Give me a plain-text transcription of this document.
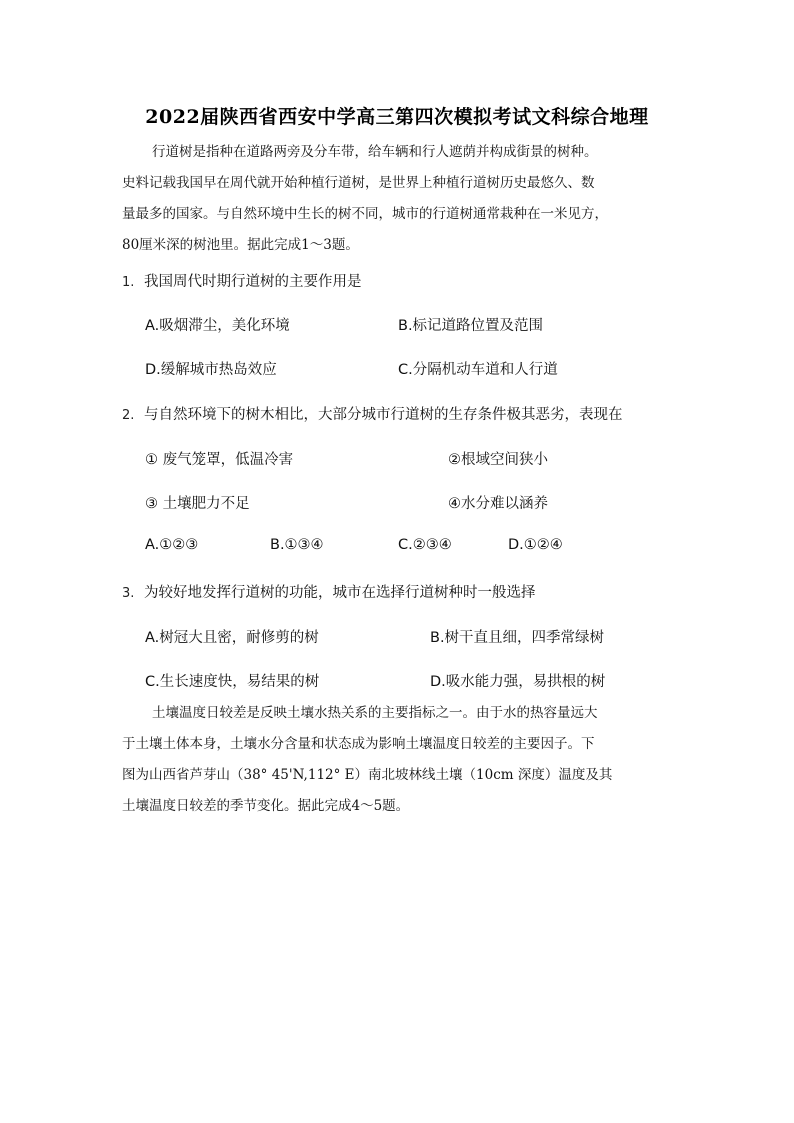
2022届陕西省西安中学高三第四次模拟考试文科综合地理
行道树是指种在道路两旁及分车带，给车辆和行人遮荫并构成街景的树种。
史料记载我国早在周代就开始种植行道树，是世界上种植行道树历史最悠久、数
量最多的国家。与自然环境中生长的树不同，城市的行道树通常栽种在一米见方，
80厘米深的树池里。据此完成1～3题。
1. 我国周代时期行道树的主要作用是
A.吸烟滞尘，美化环境	B.标记道路位置及范围
D.缓解城市热岛效应	C.分隔机动车道和人行道
2. 与自然环境下的树木相比，大部分城市行道树的生存条件极其恶劣，表现在
① 废气笼罩，低温冷害	②根域空间狭小
③ 土壤肥力不足	④水分难以涵养
A.①②③	B.①③④	C.②③④	D.①②④
3. 为较好地发挥行道树的功能，城市在选择行道树种时一般选择
A.树冠大且密，耐修剪的树	B.树干直且细，四季常绿树
C.生长速度快，易结果的树	D.吸水能力强，易拱根的树
土壤温度日较差是反映土壤水热关系的主要指标之一。由于水的热容量远大
于土壤土体本身，土壤水分含量和状态成为影响土壤温度日较差的主要因子。下
图为山西省芦芽山（38° 45'N,112° E）南北坡林线土壤（10cm 深度）温度及其
土壤温度日较差的季节变化。据此完成4～5题。
